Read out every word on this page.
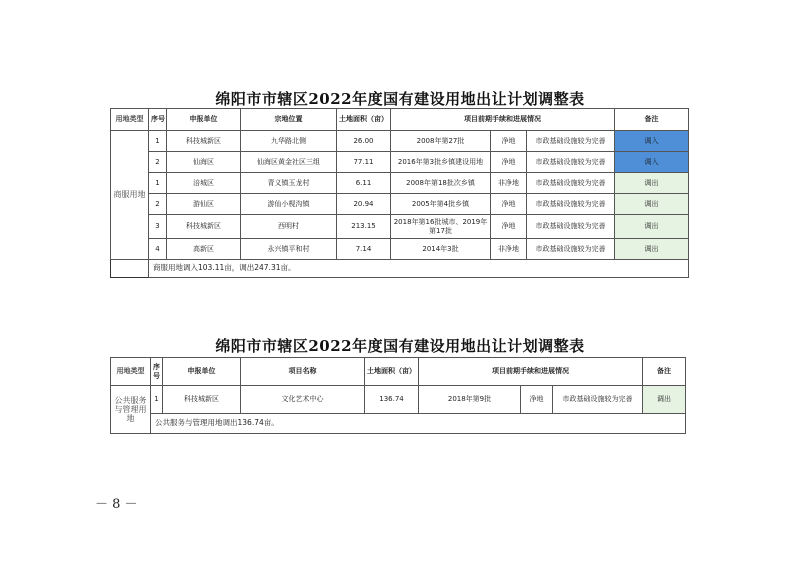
绵阳市市辖区2022年度国有建设用地出让计划调整表
用地类型	序号	申报单位	宗地位置	土地面积（亩）	项目前期手续和进展情况			备注
商服用地	1	科技城新区	九华路北侧	26.00	2008年第27批	净地	市政基础设施较为完善	调入
	2	仙海区	仙海区黄金社区三组	77.11	2016年第3批乡镇建设用地	净地	市政基础设施较为完善	调入
	1	涪城区	青义镇玉龙村	6.11	2008年第18批次乡镇	非净地	市政基础设施较为完善	调出
	2	游仙区	游仙小枧沟镇	20.94	2005年第4批乡镇	净地	市政基础设施较为完善	调出
	3	科技城新区	西明村	213.15	2018年第16批城市、2019年第17批	净地	市政基础设施较为完善	调出
	4	高新区	永兴镇平和村	7.14	2014年3批	非净地	市政基础设施较为完善	调出
	商服用地调入103.11亩，调出247.31亩。							
绵阳市市辖区2022年度国有建设用地出让计划调整表
用地类型	序号	申报单位	项目名称	土地面积（亩）	项目前期手续和进展情况			备注
公共服务与管理用地	1	科技城新区	文化艺术中心	136.74	2018年第9批	净地	市政基础设施较为完善	调出
	公共服务与管理用地调出136.74亩。							
－ 8 －
